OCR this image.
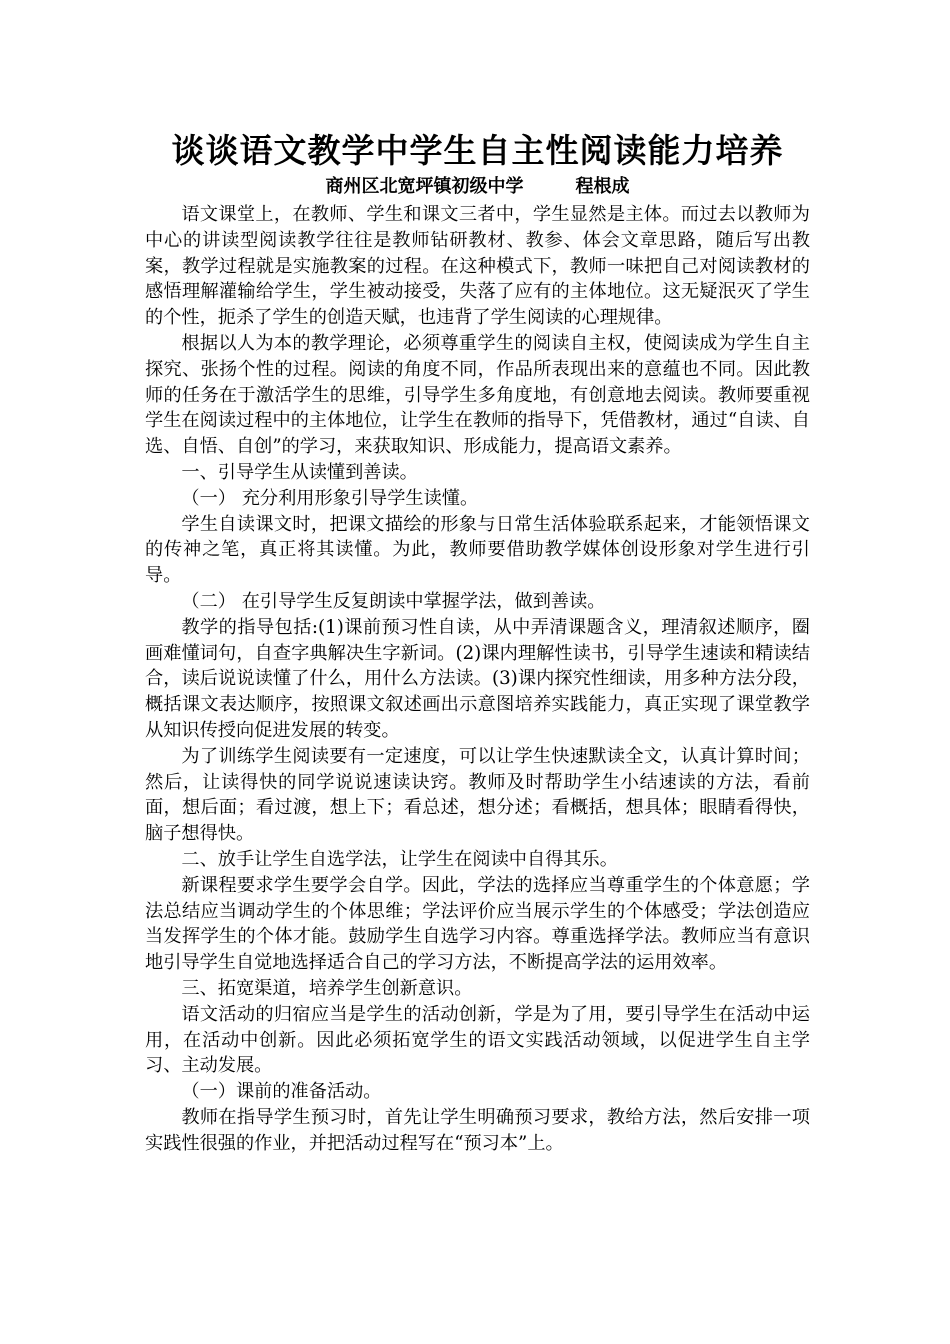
谈谈语文教学中学生自主性阅读能力培养
商州区北宽坪镇初级中学	程根成

语文课堂上，在教师、学生和课文三者中，学生显然是主体。而过去以教师为中心的讲读型阅读教学往往是教师钻研教材、教参、体会文章思路，随后写出教案，教学过程就是实施教案的过程。在这种模式下，教师一味把自己对阅读教材的感悟理解灌输给学生，学生被动接受，失落了应有的主体地位。这无疑泯灭了学生的个性，扼杀了学生的创造天赋，也违背了学生阅读的心理规律。

根据以人为本的教学理论，必须尊重学生的阅读自主权，使阅读成为学生自主探究、张扬个性的过程。阅读的角度不同，作品所表现出来的意蕴也不同。因此教师的任务在于激活学生的思维，引导学生多角度地，有创意地去阅读。教师要重视学生在阅读过程中的主体地位，让学生在教师的指导下，凭借教材，通过“自读、自选、自悟、自创”的学习，来获取知识、形成能力，提高语文素养。

一、引导学生从读懂到善读。

（一） 充分利用形象引导学生读懂。

学生自读课文时，把课文描绘的形象与日常生活体验联系起来，才能领悟课文的传神之笔，真正将其读懂。为此，教师要借助教学媒体创设形象对学生进行引导。

（二） 在引导学生反复朗读中掌握学法，做到善读。

教学的指导包括:(1)课前预习性自读，从中弄清课题含义，理清叙述顺序，圈画难懂词句，自查字典解决生字新词。(2)课内理解性读书，引导学生速读和精读结合，读后说说读懂了什么，用什么方法读。(3)课内探究性细读，用多种方法分段，概括课文表达顺序，按照课文叙述画出示意图培养实践能力，真正实现了课堂教学从知识传授向促进发展的转变。

为了训练学生阅读要有一定速度，可以让学生快速默读全文，认真计算时间；然后，让读得快的同学说说速读诀窍。教师及时帮助学生小结速读的方法，看前面，想后面；看过渡，想上下；看总述，想分述；看概括，想具体；眼睛看得快，脑子想得快。

二、放手让学生自选学法，让学生在阅读中自得其乐。

新课程要求学生要学会自学。因此，学法的选择应当尊重学生的个体意愿；学法总结应当调动学生的个体思维；学法评价应当展示学生的个体感受；学法创造应当发挥学生的个体才能。鼓励学生自选学习内容。尊重选择学法。教师应当有意识地引导学生自觉地选择适合自己的学习方法，不断提高学法的运用效率。

三、拓宽渠道，培养学生创新意识。

语文活动的归宿应当是学生的活动创新，学是为了用，要引导学生在活动中运用，在活动中创新。因此必须拓宽学生的语文实践活动领域，以促进学生自主学习、主动发展。

（一）课前的准备活动。

教师在指导学生预习时，首先让学生明确预习要求，教给方法，然后安排一项实践性很强的作业，并把活动过程写在“预习本”上。
